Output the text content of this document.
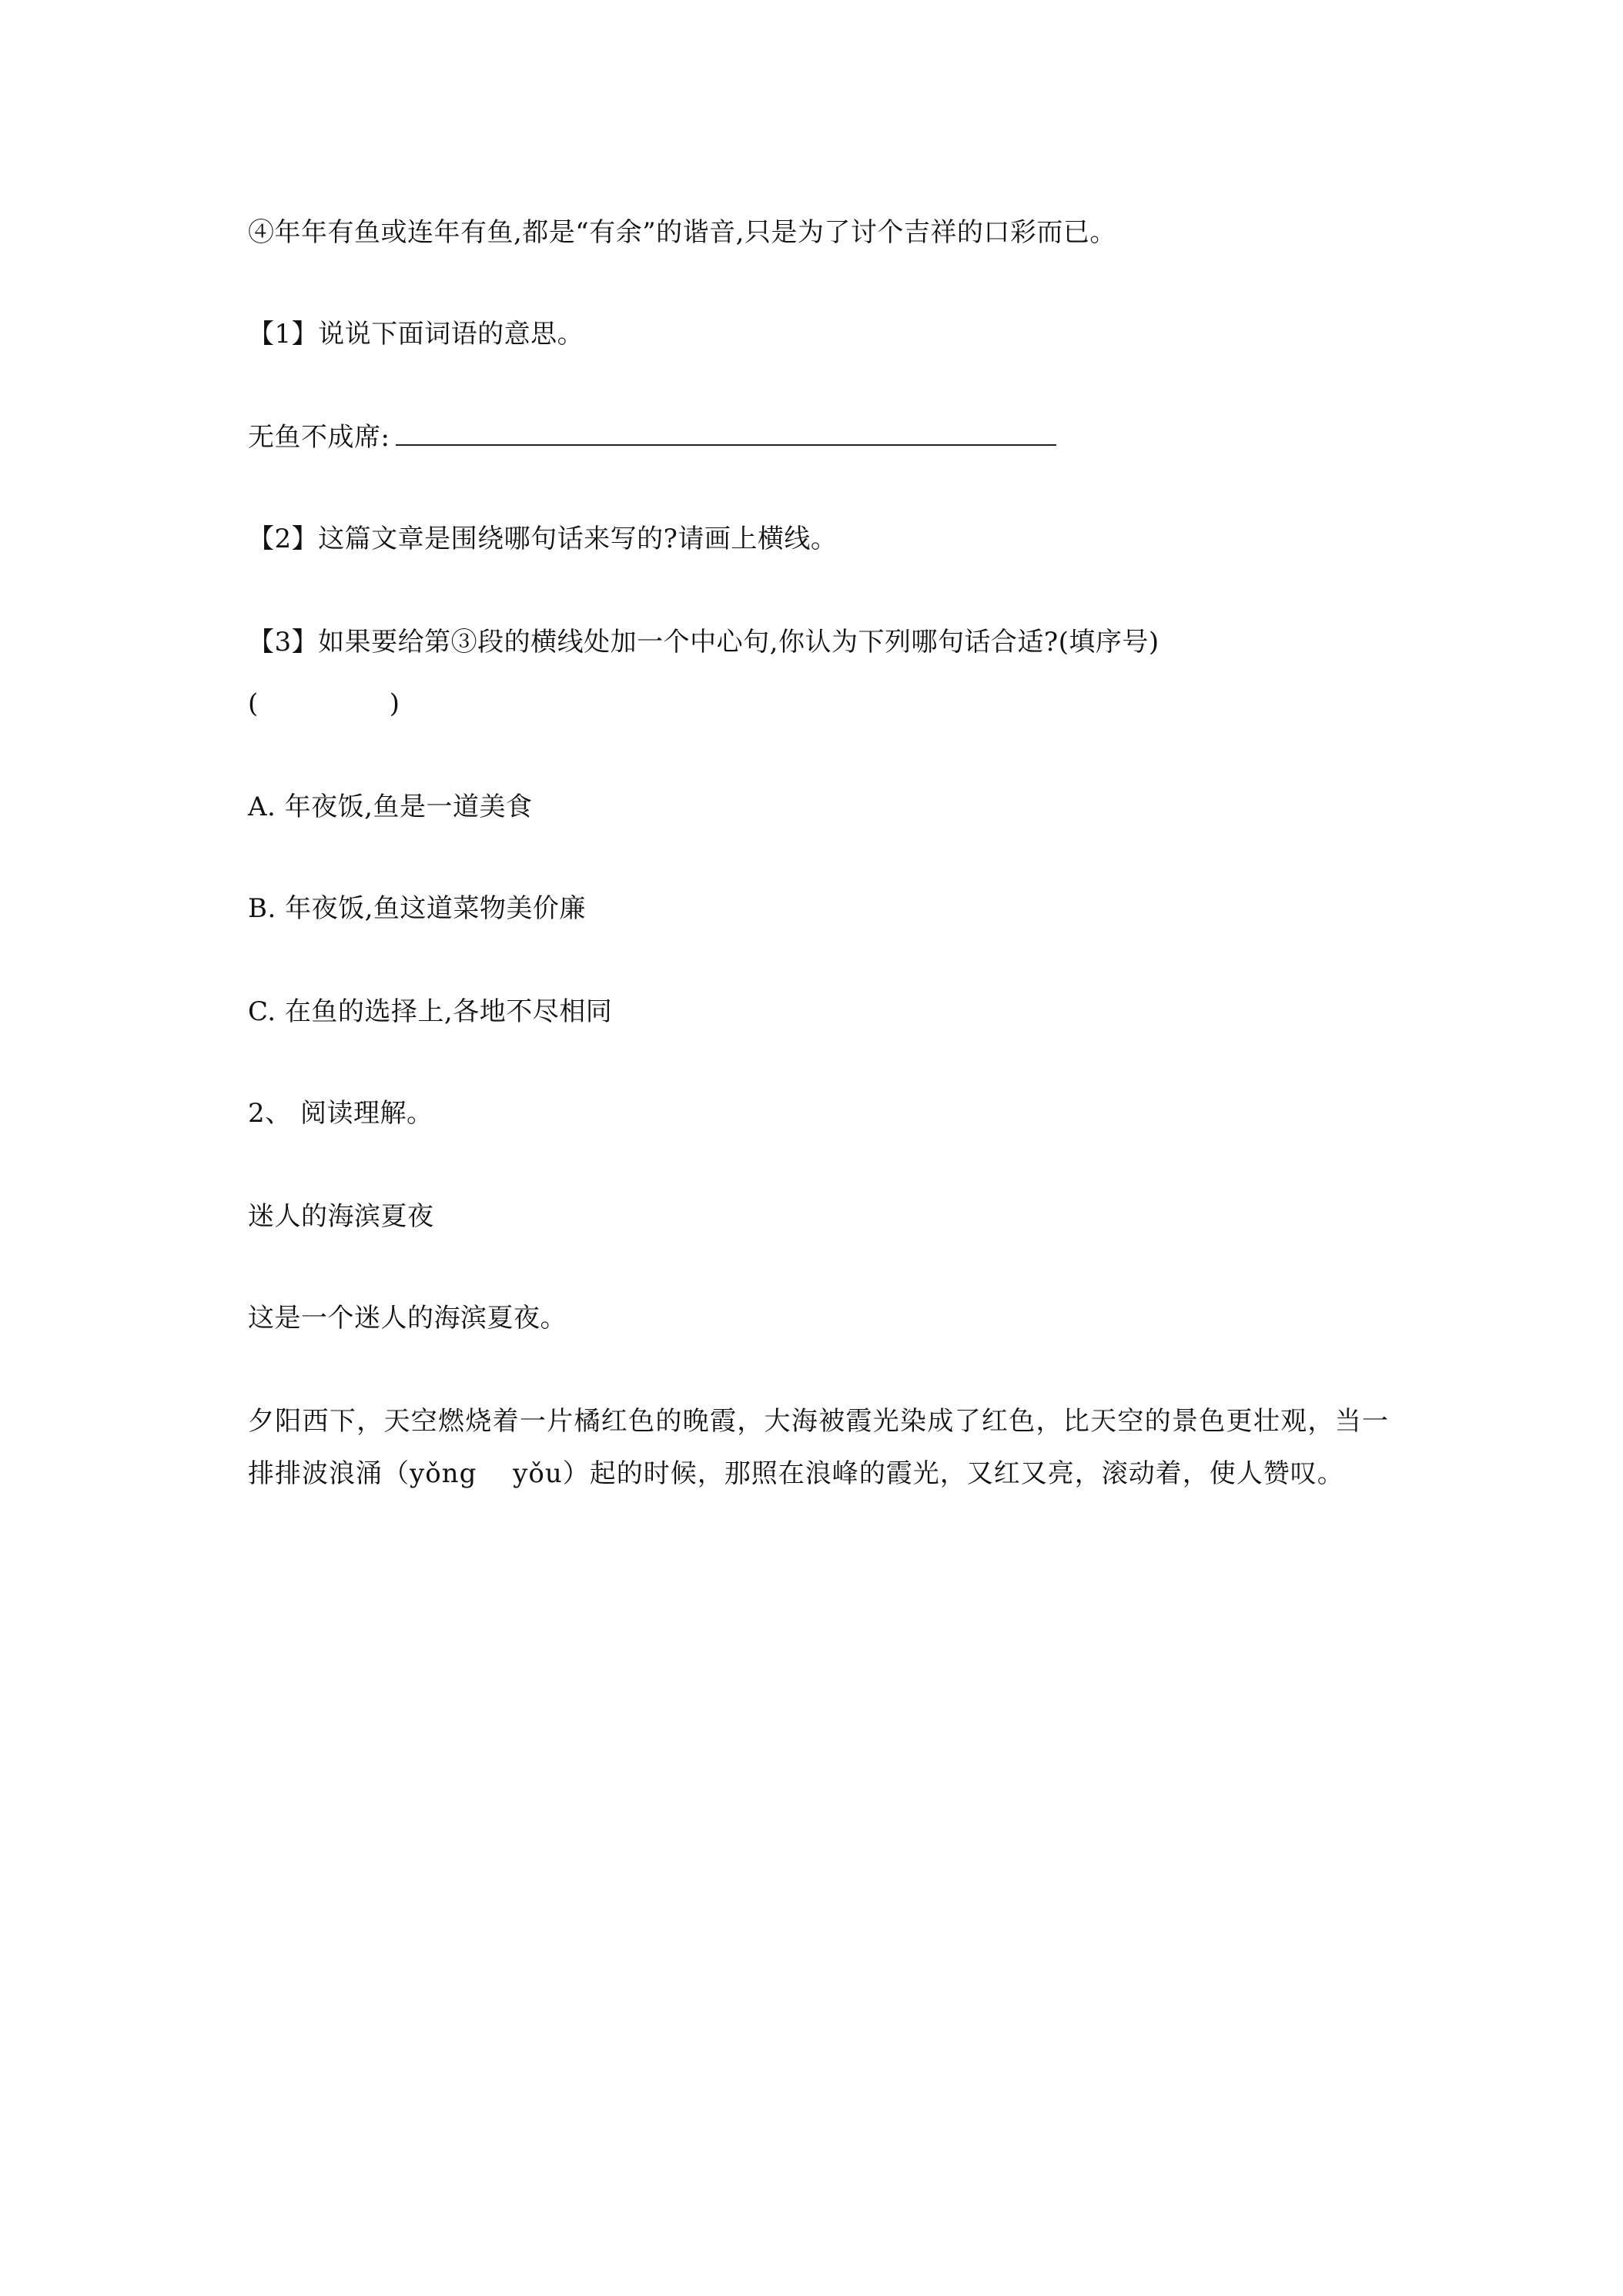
④年年有鱼或连年有鱼,都是“有余”的谐音,只是为了讨个吉祥的口彩而已。
【1】说说下面词语的意思。
无鱼不成席:
【2】这篇文章是围绕哪句话来写的?请画上横线。
【3】如果要给第③段的横线处加一个中心句,你认为下列哪句话合适?(填序号)
(	)
A. 年夜饭,鱼是一道美食
B. 年夜饭,鱼这道菜物美价廉
C. 在鱼的选择上,各地不尽相同
2、 阅读理解。
迷人的海滨夏夜
这是一个迷人的海滨夏夜。
夕阳西下，天空燃烧着一片橘红色的晚霞，大海被霞光染成了红色，比天空的景色更壮观，当一排排波浪涌（yǒng　 yǒu）起的时候，那照在浪峰的霞光，又红又亮，滚动着，使人赞叹。
